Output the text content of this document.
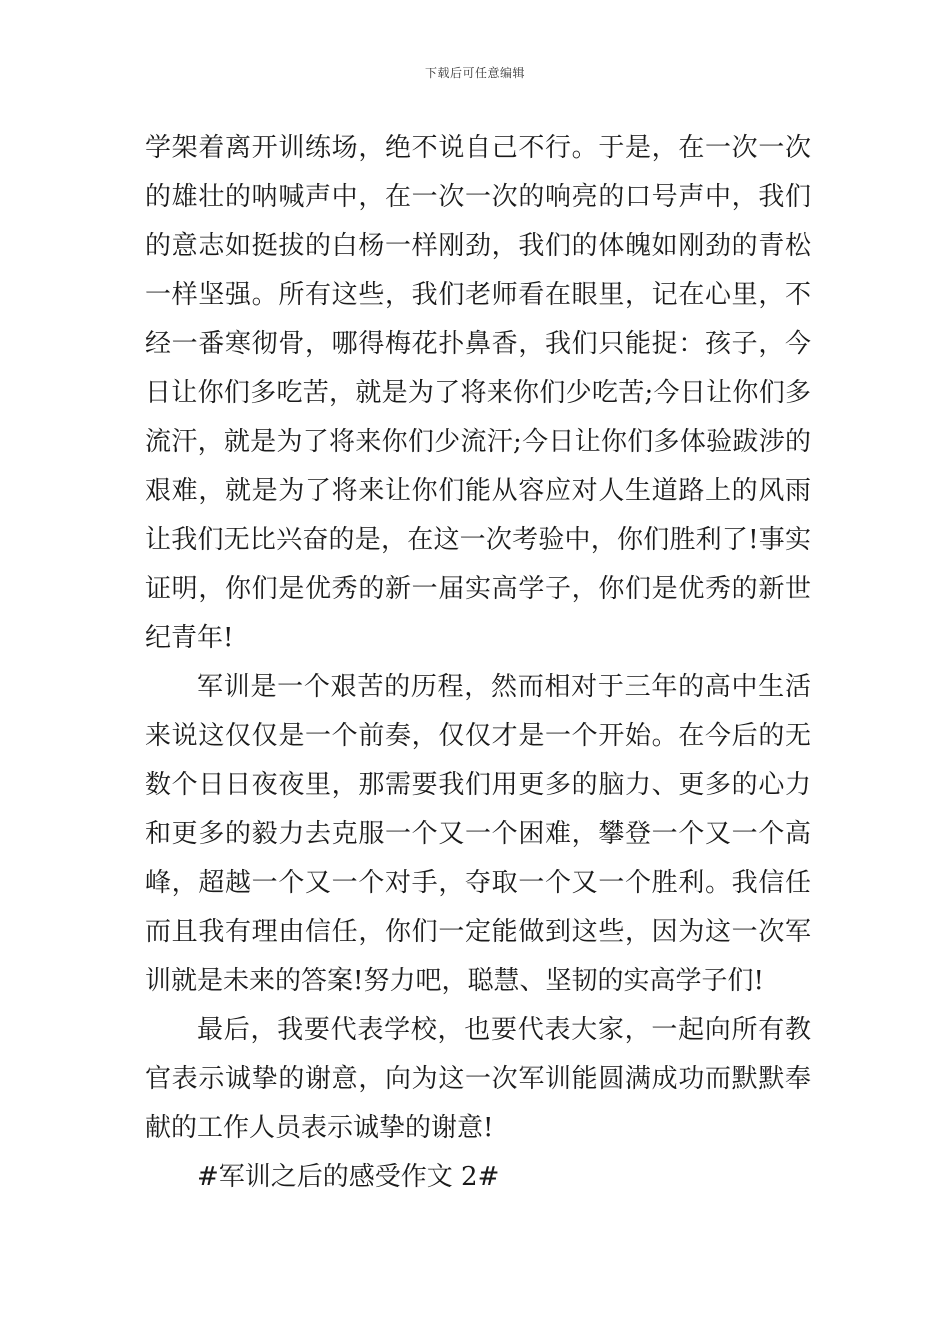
下载后可任意编辑
学架着离开训练场，绝不说自己不行。于是，在一次一次
的雄壮的呐喊声中，在一次一次的响亮的口号声中，我们
的意志如挺拔的白杨一样刚劲，我们的体魄如刚劲的青松
一样坚强。所有这些，我们老师看在眼里，记在心里，不
经一番寒彻骨，哪得梅花扑鼻香，我们只能捉：孩子，今
日让你们多吃苦，就是为了将来你们少吃苦;今日让你们多
流汗，就是为了将来你们少流汗;今日让你们多体验跋涉的
艰难，就是为了将来让你们能从容应对人生道路上的风雨
让我们无比兴奋的是，在这一次考验中，你们胜利了!事实
证明，你们是优秀的新一届实高学子，你们是优秀的新世
纪青年!
军训是一个艰苦的历程，然而相对于三年的高中生活
来说这仅仅是一个前奏，仅仅才是一个开始。在今后的无
数个日日夜夜里，那需要我们用更多的脑力、更多的心力
和更多的毅力去克服一个又一个困难，攀登一个又一个高
峰，超越一个又一个对手，夺取一个又一个胜利。我信任
而且我有理由信任，你们一定能做到这些，因为这一次军
训就是未来的答案!努力吧，聪慧、坚韧的实高学子们!
最后，我要代表学校，也要代表大家，一起向所有教
官表示诚挚的谢意，向为这一次军训能圆满成功而默默奉
献的工作人员表示诚挚的谢意!
#军训之后的感受作文 2#
